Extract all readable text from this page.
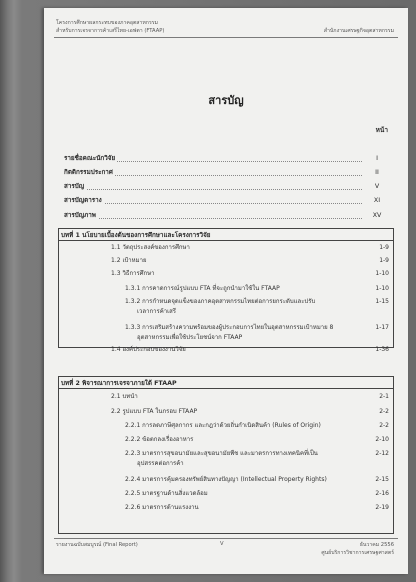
โครงการศึกษาผลกระทบของภาคอุตสาหกรรม
สำหรับการเจรจาการค้าเสรีไทย-เอฟตา (FTAAP)	สำนักงานเศรษฐกิจอุตสาหกรรม
สารบัญ
หน้า
รายชื่อคณะนักวิจัย	I
กิตติกรรมประกาศ	II
สารบัญ	V
สารบัญตาราง	XI
สารบัญภาพ	XV
บทที่ 1 นโยบายเบื้องต้นของการศึกษาและโครงการวิจัย
1.1 วัตถุประสงค์ของการศึกษา	1-9
1.2 เป้าหมาย	1-9
1.3 วิธีการศึกษา	1-10
1.3.1 การคาดการณ์รูปแบบ FTA ที่จะถูกนำมาใช้ใน FTAAP	1-10
1.3.2 การกำหนดจุดแข็งของภาคอุตสาหกรรมไทยต่อการยกระดับและปรับ	1-15
เวลาการค้าเสรี
1.3.3 การเสริมสร้างความพร้อมของผู้ประกอบการไทยในอุตสาหกรรมเป้าหมาย 8	1-17
อุตสาหกรรมเพื่อใช้ประโยชน์จาก FTAAP
1.4 องค์ประกอบของงานวิจัย	1-36
บทที่ 2 พิจารณาการเจรจาภายใต้ FTAAP
2.1 บทนำ	2-1
2.2 รูปแบบ FTA ในกรอบ FTAAP	2-2
2.2.1 การลดภาษีศุลกากร และกฎว่าด้วยถิ่นกำเนิดสินค้า (Rules of Origin)	2-2
2.2.2 ข้อตกลงเรื่องอาหาร	2-10
2.2.3 มาตรการสุขอนามัยและสุขอนามัยพืช และมาตรการทางเทคนิคที่เป็น	2-12
อุปสรรคต่อการค้า
2.2.4 มาตรการคุ้มครองทรัพย์สินทางปัญญา (Intellectual Property Rights)	2-15
2.2.5 มาตรฐานด้านสิ่งแวดล้อม	2-16
2.2.6 มาตรการด้านแรงงาน	2-19
รายงานฉบับสมบูรณ์ (Final Report)	V	ธันวาคม 2556
ศูนย์บริการวิชาการเศรษฐศาสตร์
